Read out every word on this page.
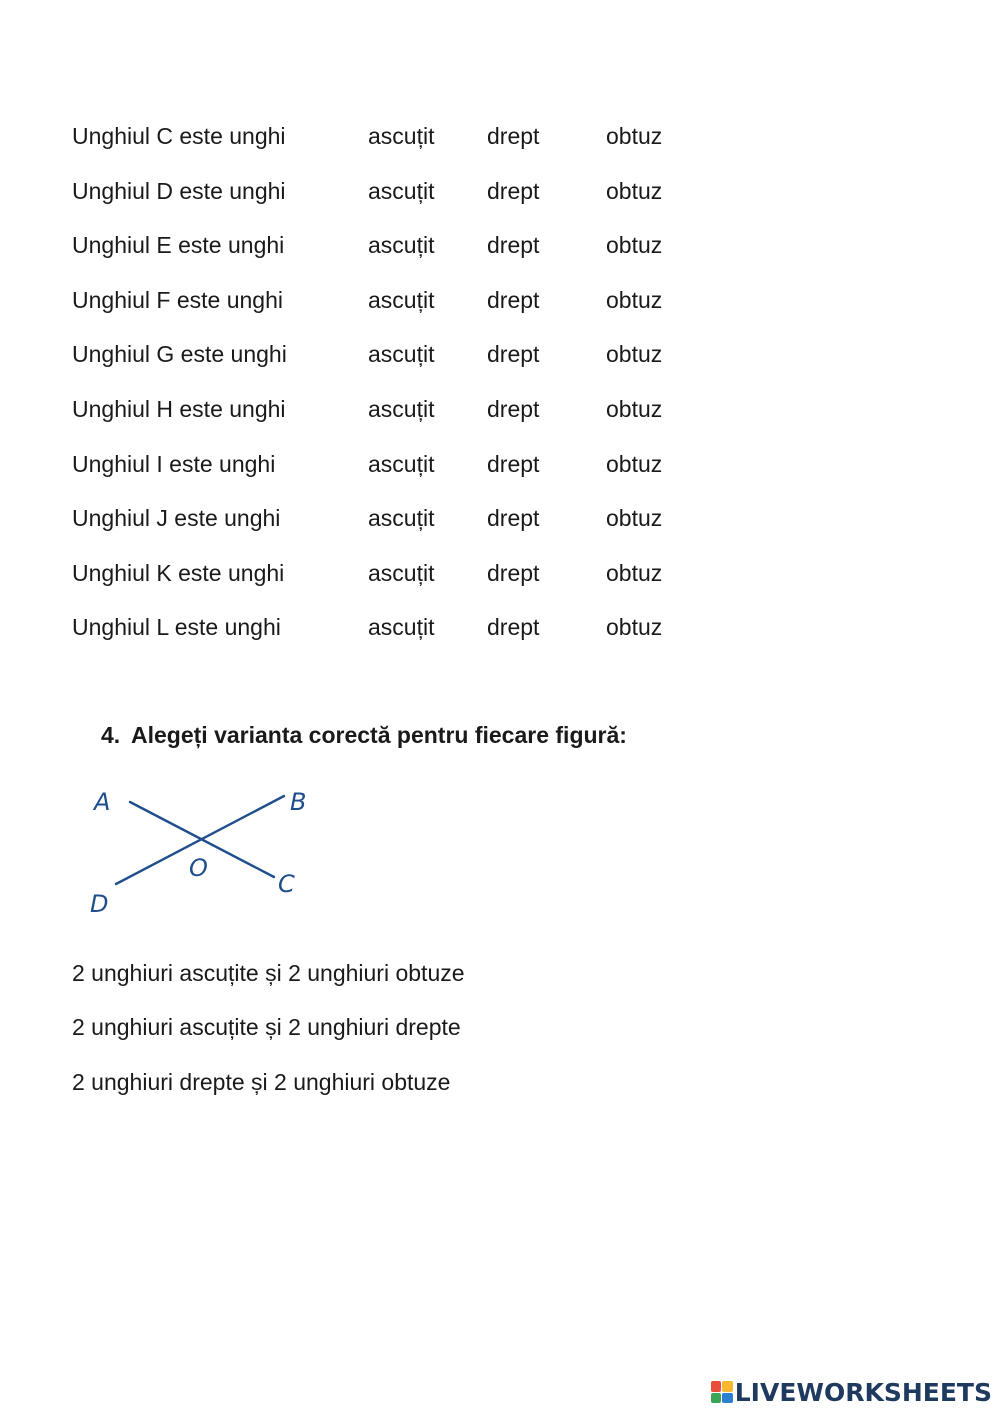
Unghiul C este unghi	ascuțit drept	obtuz
Unghiul D este unghi	ascuțit drept	obtuz
Unghiul E este unghi	ascuțit drept	obtuz
Unghiul F este unghi	ascuțit drept	obtuz
Unghiul G este unghi	ascuțit drept	obtuz
Unghiul H este unghi	ascuțit drept	obtuz
Unghiul I este unghi	ascuțit drept	obtuz
Unghiul J este unghi	ascuțit drept	obtuz
Unghiul K este unghi	ascuțit drept	obtuz
Unghiul L este unghi	ascuțit drept	obtuz
4. Alegeți varianta corectă pentru fiecare figură:
A	B
C
D
O
2 unghiuri ascuțite și 2 unghiuri obtuze
2 unghiuri ascuțite și 2 unghiuri drepte
2 unghiuri drepte și 2 unghiuri obtuze
LIVEWORKSHEETS
